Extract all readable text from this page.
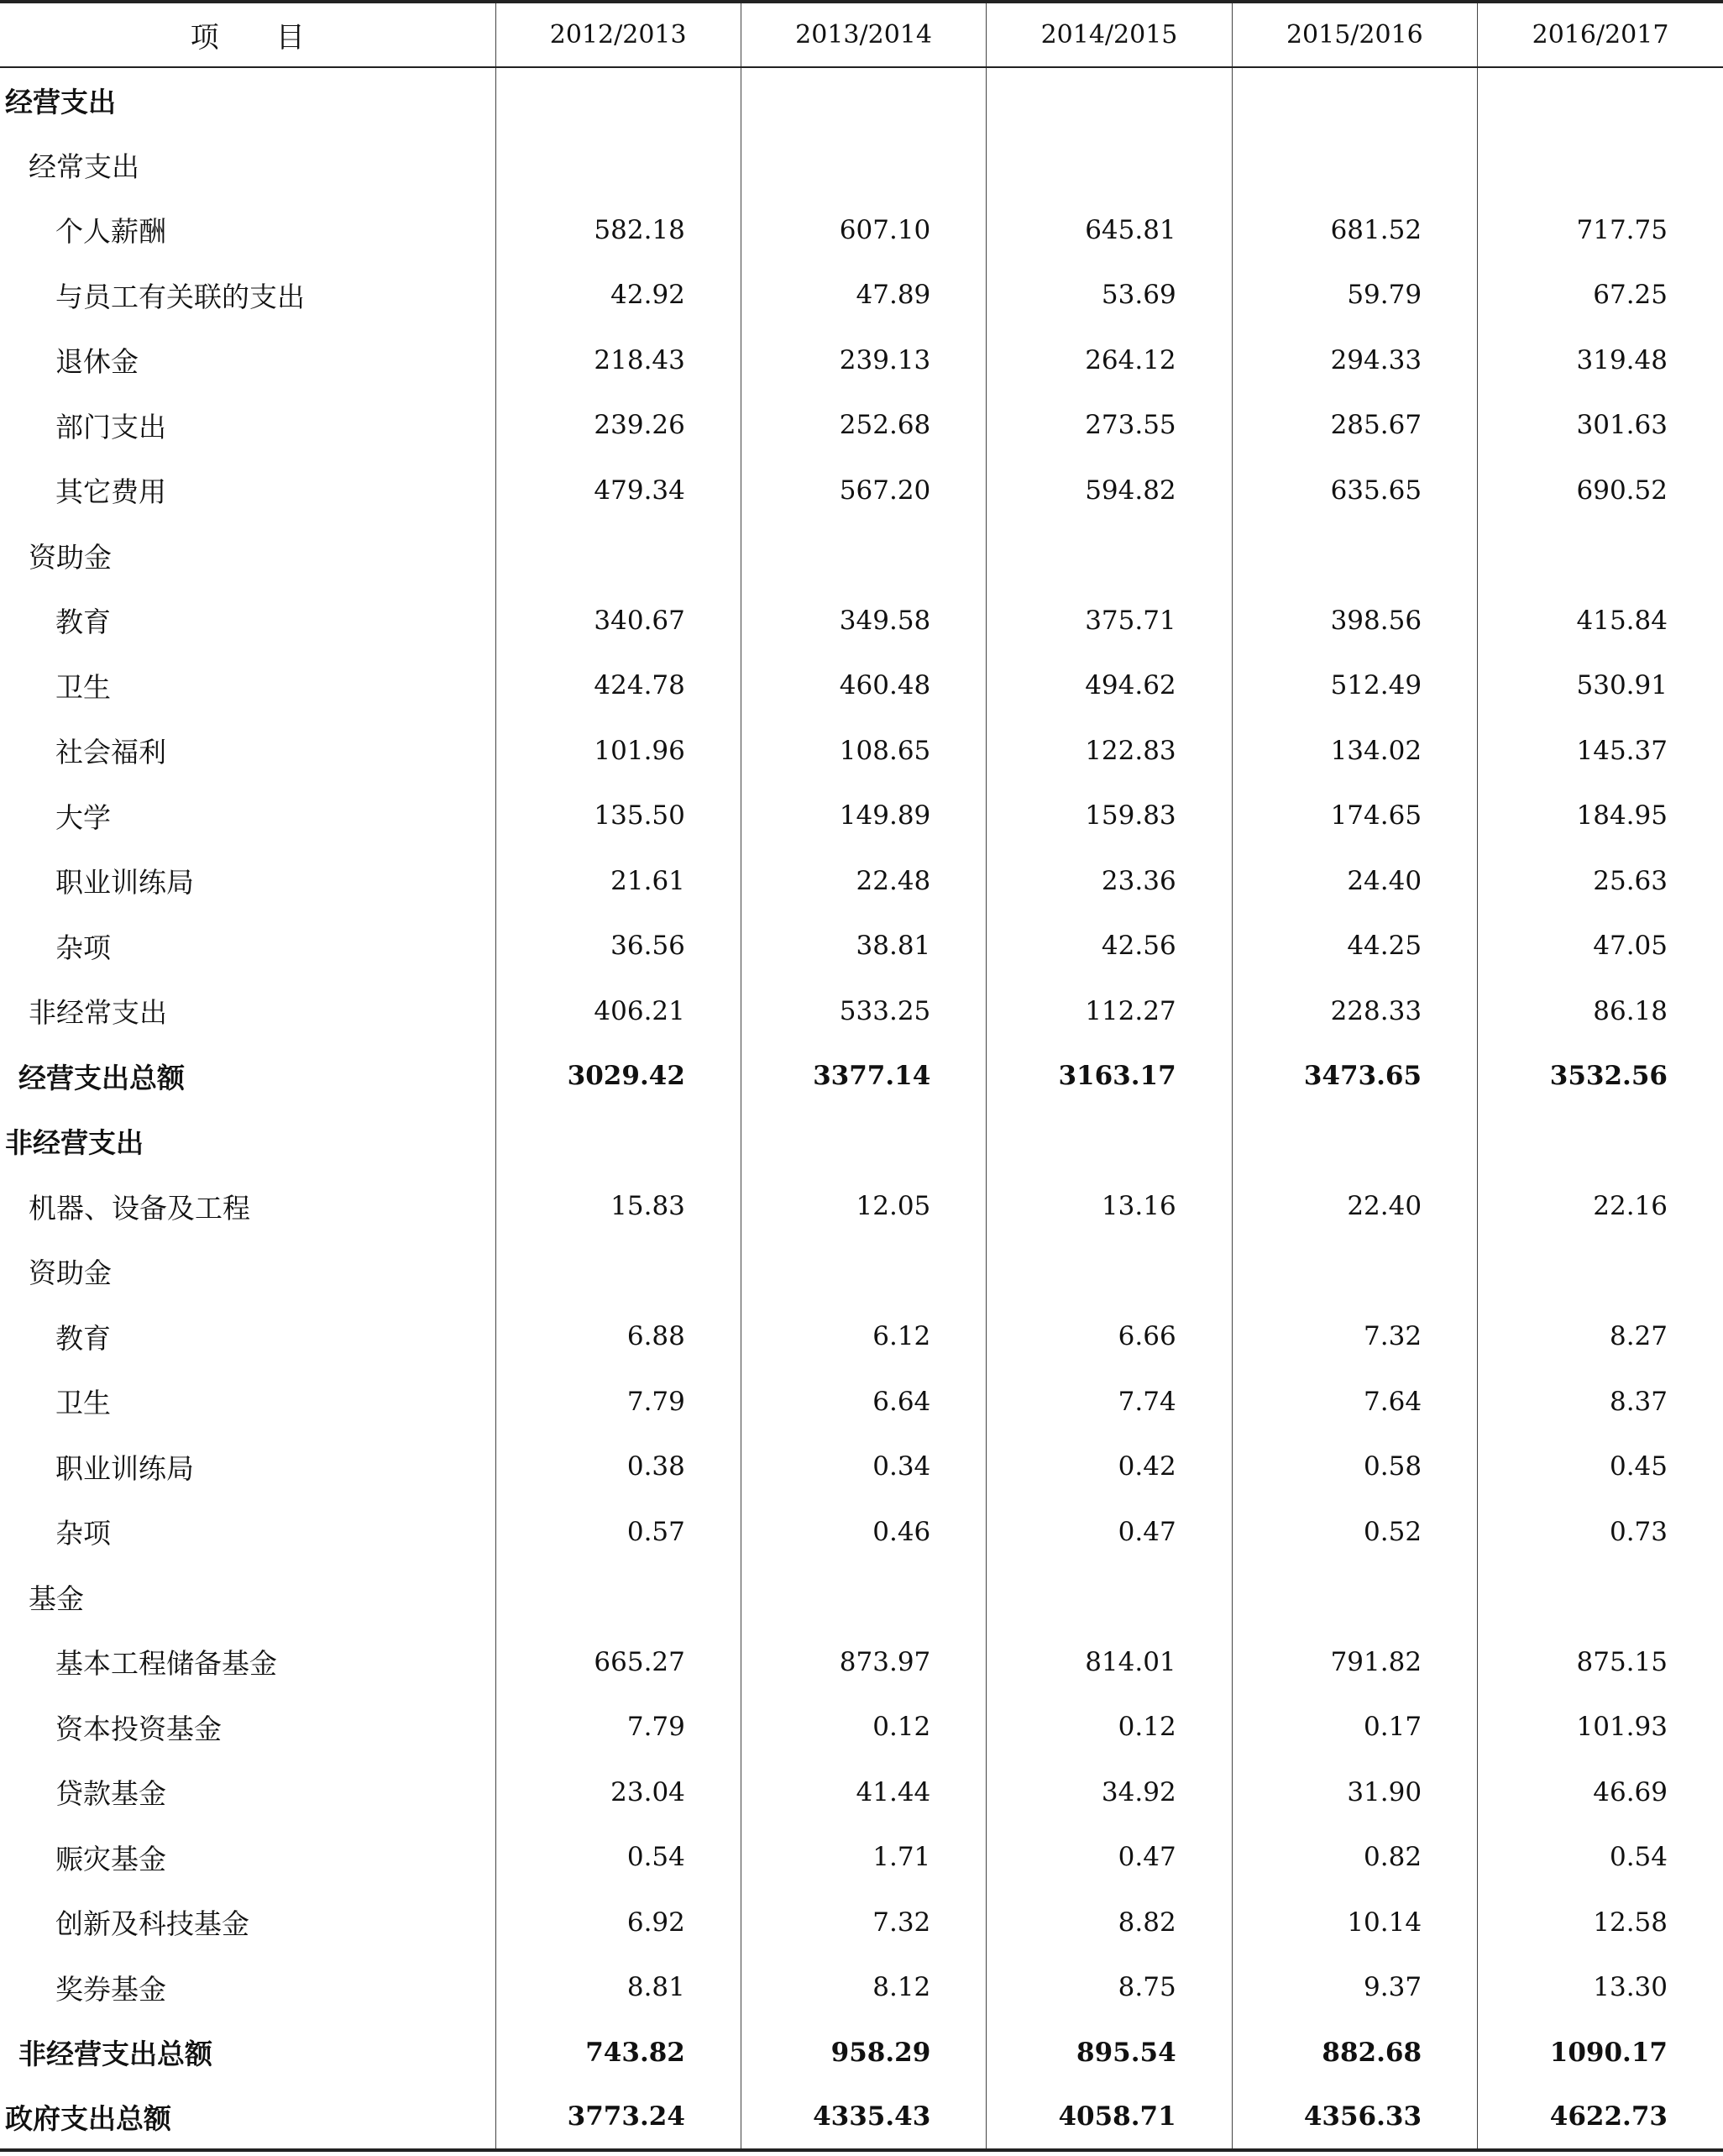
项　　目	2012/2013	2013/2014	2014/2015	2015/2016	2016/2017
经营支出					
经常支出					
个人薪酬	582.18	607.10	645.81	681.52	717.75
与员工有关联的支出	42.92	47.89	53.69	59.79	67.25
退休金	218.43	239.13	264.12	294.33	319.48
部门支出	239.26	252.68	273.55	285.67	301.63
其它费用	479.34	567.20	594.82	635.65	690.52
资助金					
教育	340.67	349.58	375.71	398.56	415.84
卫生	424.78	460.48	494.62	512.49	530.91
社会福利	101.96	108.65	122.83	134.02	145.37
大学	135.50	149.89	159.83	174.65	184.95
职业训练局	21.61	22.48	23.36	24.40	25.63
杂项	36.56	38.81	42.56	44.25	47.05
非经常支出	406.21	533.25	112.27	228.33	86.18
经营支出总额	3029.42	3377.14	3163.17	3473.65	3532.56
非经营支出					
机器、设备及工程	15.83	12.05	13.16	22.40	22.16
资助金					
教育	6.88	6.12	6.66	7.32	8.27
卫生	7.79	6.64	7.74	7.64	8.37
职业训练局	0.38	0.34	0.42	0.58	0.45
杂项	0.57	0.46	0.47	0.52	0.73
基金					
基本工程储备基金	665.27	873.97	814.01	791.82	875.15
资本投资基金	7.79	0.12	0.12	0.17	101.93
贷款基金	23.04	41.44	34.92	31.90	46.69
赈灾基金	0.54	1.71	0.47	0.82	0.54
创新及科技基金	6.92	7.32	8.82	10.14	12.58
奖券基金	8.81	8.12	8.75	9.37	13.30
非经营支出总额	743.82	958.29	895.54	882.68	1090.17
政府支出总额	3773.24	4335.43	4058.71	4356.33	4622.73
